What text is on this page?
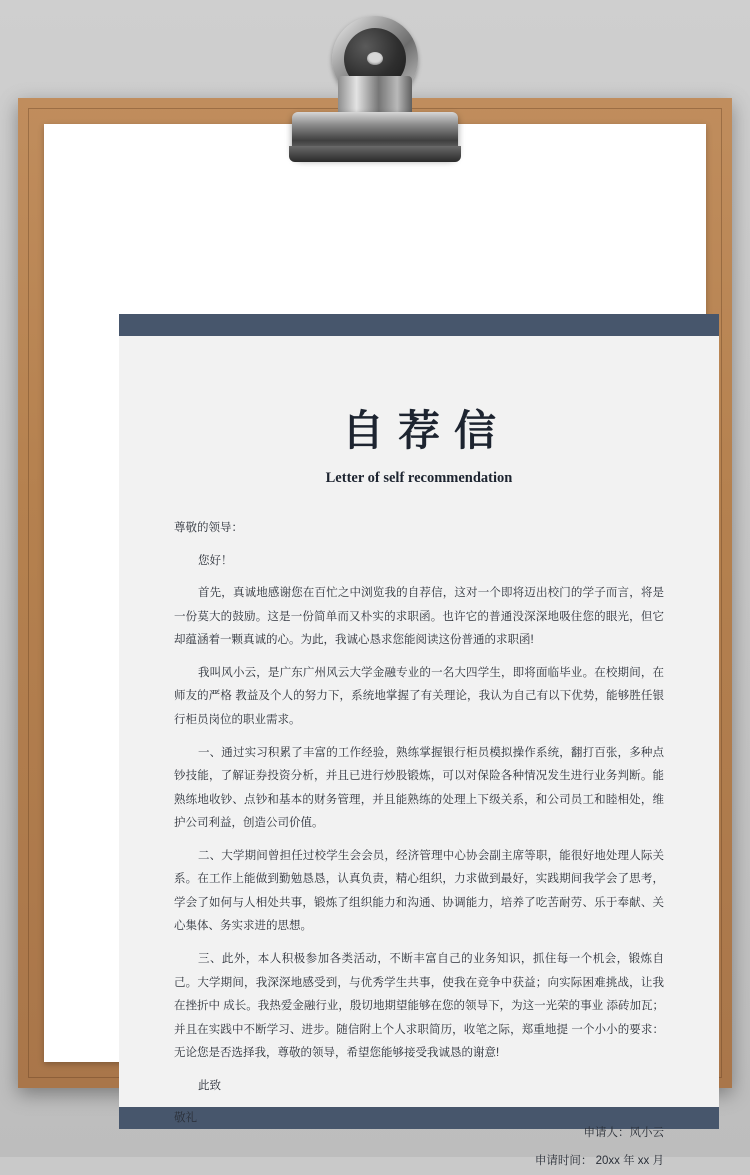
自荐信
Letter of self recommendation

尊敬的领导：

您好！

首先，真诚地感谢您在百忙之中浏览我的自荐信，这对一个即将迈出校门的学子而言，将是一份莫大的鼓励。这是一份简单而又朴实的求职函。也许它的普通没深深地吸住您的眼光，但它却蕴涵着一颗真诚的心。为此，我诚心恳求您能阅读这份普通的求职函!

我叫风小云，是广东广州风云大学金融专业的一名大四学生，即将面临毕业。在校期间，在师友的严格 教益及个人的努力下，系统地掌握了有关理论，我认为自己有以下优势，能够胜任银行柜员岗位的职业需求。

一、通过实习积累了丰富的工作经验，熟练掌握银行柜员模拟操作系统，翻打百张，多种点钞技能，了解证券投资分析，并且已进行炒股锻炼，可以对保险各种情况发生进行业务判断。能熟练地收钞、点钞和基本的财务管理，并且能熟练的处理上下级关系，和公司员工和睦相处，维护公司利益，创造公司价值。

二、大学期间曾担任过校学生会会员，经济管理中心协会副主席等职，能很好地处理人际关系。在工作上能做到勤勉恳恳，认真负责，精心组织，力求做到最好，实践期间我学会了思考，学会了如何与人相处共事，锻炼了组织能力和沟通、协调能力，培养了吃苦耐劳、乐于奉献、关心集体、务实求进的思想。

三、此外，本人积极参加各类活动，不断丰富自己的业务知识，抓住每一个机会，锻炼自己。大学期间，我深深地感受到，与优秀学生共事，使我在竞争中获益；向实际困难挑战，让我在挫折中 成长。我热爱金融行业，殷切地期望能够在您的领导下，为这一光荣的事业 添砖加瓦；并且在实践中不断学习、进步。随信附上个人求职简历，收笔之际，郑重地提 一个小小的要求：无论您是否选择我，尊敬的领导，希望您能够接受我诚恳的谢意!

此致

敬礼

申请人：风小云
申请时间： 20xx 年 xx 月
